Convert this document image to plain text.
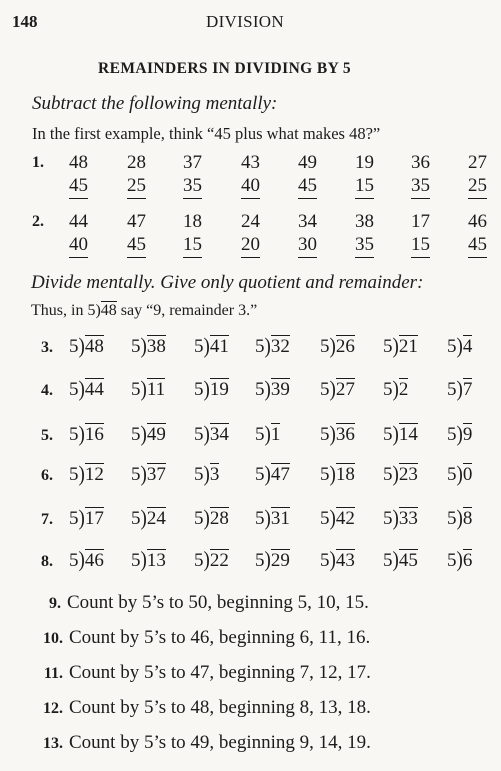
148	DIVISION
REMAINDERS IN DIVIDING BY 5
Subtract the following mentally:
In the first example, think “45 plus what makes 48?”
1. 48
45
28
25
37
35
43
40
49
45
19
15
36
35
27
25
2. 44
40
47
45
18
15
24
20
34
30
38
35
17
15
46
45
Divide mentally. Give only quotient and remainder:
Thus, in 5)48 say “9, remainder 3.”
3. 5)48 5)38 5)41 5)32 5)26 5)21 5)4
4. 5)44 5)11 5)19 5)39 5)27 5)2 5)7
5. 5)16 5)49 5)34 5)1 5)36 5)14 5)9
6. 5)12 5)37 5)3 5)47 5)18 5)23 5)0
7. 5)17 5)24 5)28 5)31 5)42 5)33 5)8
8. 5)46 5)13 5)22 5)29 5)43 5)45 5)6
9. Count by 5’s to 50, beginning 5, 10, 15.
10. Count by 5’s to 46, beginning 6, 11, 16.
11. Count by 5’s to 47, beginning 7, 12, 17.
12. Count by 5’s to 48, beginning 8, 13, 18.
13. Count by 5’s to 49, beginning 9, 14, 19.
